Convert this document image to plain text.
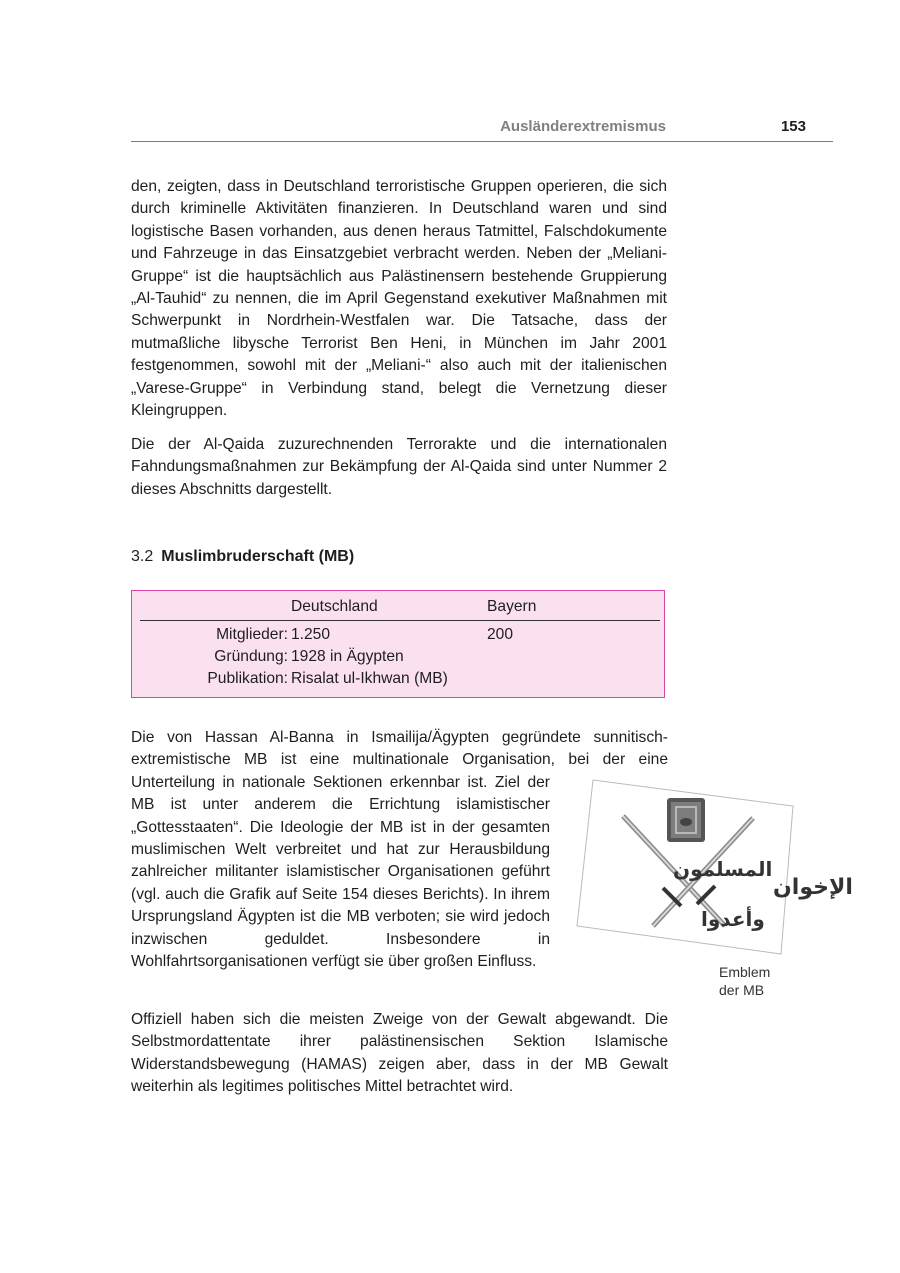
Ausländerextremismus	153

den, zeigten, dass in Deutschland terroristische Gruppen operieren, die sich durch kriminelle Aktivitäten finanzieren. In Deutschland waren und sind logistische Basen vorhanden, aus denen heraus Tatmittel, Falschdokumente und Fahrzeuge in das Einsatzgebiet verbracht werden. Neben der „Meliani-Gruppe“ ist die hauptsächlich aus Palästinensern bestehende Gruppierung „Al-Tauhid“ zu nennen, die im April Gegenstand exekutiver Maßnahmen mit Schwerpunkt in Nordrhein-Westfalen war. Die Tatsache, dass der mutmaßliche libysche Terrorist Ben Heni, in München im Jahr 2001 festgenommen, sowohl mit der „Meliani-“ also auch mit der italienischen „Varese-Gruppe“ in Verbindung stand, belegt die Vernetzung dieser Kleingruppen.

Die der Al-Qaida zuzurechnenden Terrorakte und die internationalen Fahndungsmaßnahmen zur Bekämpfung der Al-Qaida sind unter Nummer 2 dieses Abschnitts dargestellt.

3.2 Muslimbruderschaft (MB)
Deutschland	Bayern
Mitglieder: 1.250	200
Gründung: 1928 in Ägypten
Publikation: Risalat ul-Ikhwan (MB)
Die von Hassan Al-Banna in Ismailija/Ägypten gegründete sunnitisch-extremistische MB ist eine multinationale Organisation, bei der eine Unterteilung in nationale Sektionen erkennbar ist. Ziel der MB ist unter anderem die Errichtung islamistischer „Gottesstaaten“. Die Ideologie der MB ist in der gesamten muslimischen Welt verbreitet und hat zur Herausbildung zahlreicher militanter islamistischer Organisationen geführt (vgl. auch die Grafik auf Seite 154 dieses Berichts). In ihrem Ursprungsland Ägypten ist die MB verboten; sie wird jedoch inzwischen geduldet. Insbesondere in Wohlfahrtsorganisationen verfügt sie über großen Einfluss.

Offiziell haben sich die meisten Zweige von der Gewalt abgewandt. Die Selbstmordattentate ihrer palästinensischen Sektion Islamische Widerstandsbewegung (HAMAS) zeigen aber, dass in der MB Gewalt weiterhin als legitimes politisches Mittel betrachtet wird.

الإخوان
المسلمون
وأعدوا
Emblem
der MB
